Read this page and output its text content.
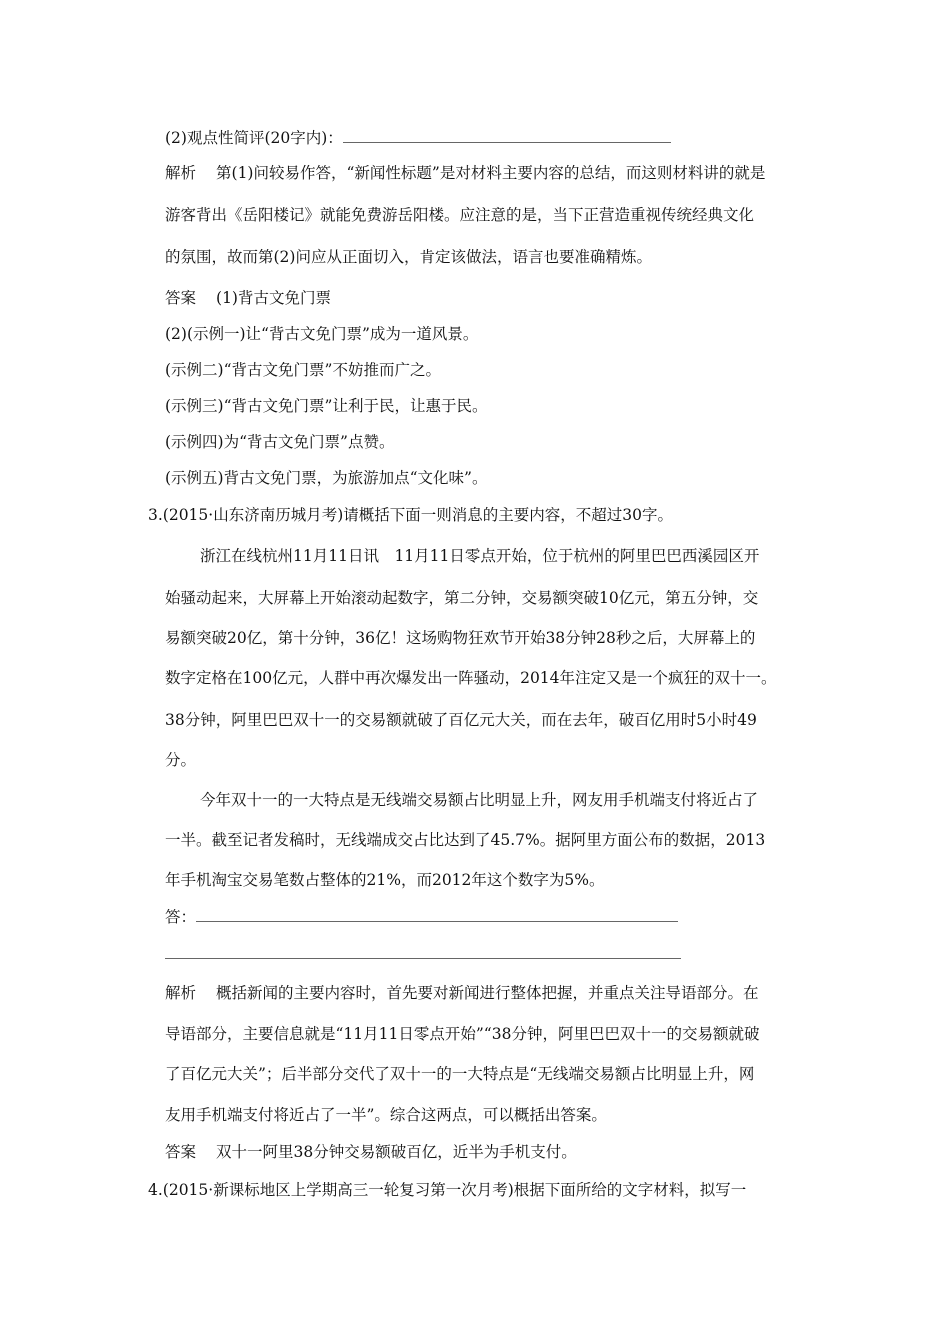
(2)观点性简评(20字内)：
解析 第(1)问较易作答，“新闻性标题”是对材料主要内容的总结，而这则材料讲的就是
游客背出《岳阳楼记》就能免费游岳阳楼。应注意的是，当下正营造重视传统经典文化
的氛围，故而第(2)问应从正面切入，肯定该做法，语言也要准确精炼。
答案 (1)背古文免门票
(2)(示例一)让“背古文免门票”成为一道风景。
(示例二)“背古文免门票”不妨推而广之。
(示例三)“背古文免门票”让利于民，让惠于民。
(示例四)为“背古文免门票”点赞。
(示例五)背古文免门票，为旅游加点“文化味”。
3.(2015·山东济南历城月考)请概括下面一则消息的主要内容，不超过30字。
浙江在线杭州11月11日讯　11月11日零点开始，位于杭州的阿里巴巴西溪园区开
始骚动起来，大屏幕上开始滚动起数字，第二分钟，交易额突破10亿元，第五分钟，交
易额突破20亿，第十分钟，36亿！这场购物狂欢节开始38分钟28秒之后，大屏幕上的
数字定格在100亿元，人群中再次爆发出一阵骚动，2014年注定又是一个疯狂的双十一。
38分钟，阿里巴巴双十一的交易额就破了百亿元大关，而在去年，破百亿用时5小时49
分。
今年双十一的一大特点是无线端交易额占比明显上升，网友用手机端支付将近占了
一半。截至记者发稿时，无线端成交占比达到了45.7%。据阿里方面公布的数据，2013
年手机淘宝交易笔数占整体的21%，而2012年这个数字为5%。
答：
解析 概括新闻的主要内容时，首先要对新闻进行整体把握，并重点关注导语部分。在
导语部分，主要信息就是“11月11日零点开始”“38分钟，阿里巴巴双十一的交易额就破
了百亿元大关”；后半部分交代了双十一的一大特点是“无线端交易额占比明显上升，网
友用手机端支付将近占了一半”。综合这两点，可以概括出答案。
答案 双十一阿里38分钟交易额破百亿，近半为手机支付。
4.(2015·新课标地区上学期高三一轮复习第一次月考)根据下面所给的文字材料，拟写一
